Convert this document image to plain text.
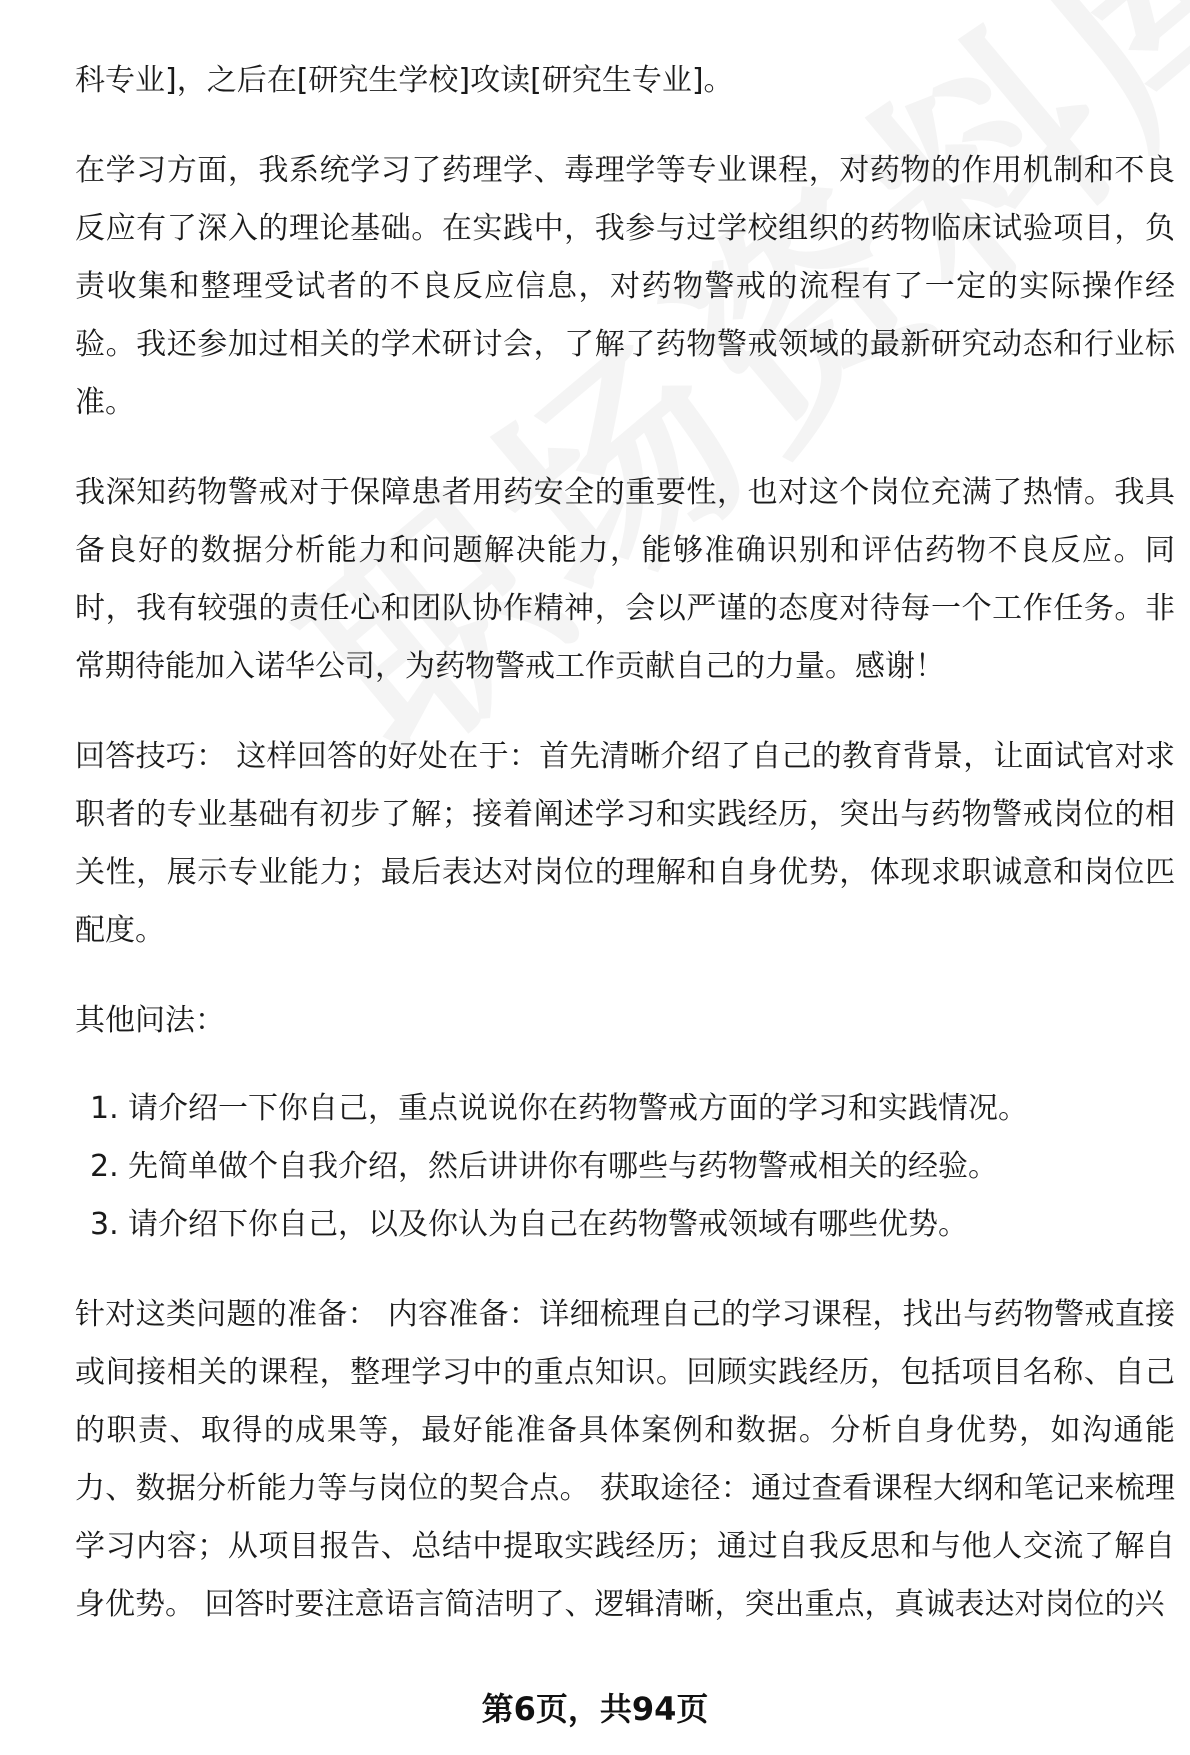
科专业]，之后在[研究生学校]攻读[研究生专业]。

在学习方面，我系统学习了药理学、毒理学等专业课程，对药物的作用机制和不良反应有了深入的理论基础。在实践中，我参与过学校组织的药物临床试验项目，负责收集和整理受试者的不良反应信息，对药物警戒的流程有了一定的实际操作经验。我还参加过相关的学术研讨会，了解了药物警戒领域的最新研究动态和行业标准。

我深知药物警戒对于保障患者用药安全的重要性，也对这个岗位充满了热情。我具备良好的数据分析能力和问题解决能力，能够准确识别和评估药物不良反应。同时，我有较强的责任心和团队协作精神，会以严谨的态度对待每一个工作任务。非常期待能加入诺华公司，为药物警戒工作贡献自己的力量。感谢！

回答技巧： 这样回答的好处在于：首先清晰介绍了自己的教育背景，让面试官对求职者的专业基础有初步了解；接着阐述学习和实践经历，突出与药物警戒岗位的相关性，展示专业能力；最后表达对岗位的理解和自身优势，体现求职诚意和岗位匹配度。

其他问法：

1. 请介绍一下你自己，重点说说你在药物警戒方面的学习和实践情况。
2. 先简单做个自我介绍，然后讲讲你有哪些与药物警戒相关的经验。
3. 请介绍下你自己，以及你认为自己在药物警戒领域有哪些优势。

针对这类问题的准备： 内容准备：详细梳理自己的学习课程，找出与药物警戒直接或间接相关的课程，整理学习中的重点知识。回顾实践经历，包括项目名称、自己的职责、取得的成果等，最好能准备具体案例和数据。分析自身优势，如沟通能力、数据分析能力等与岗位的契合点。 获取途径：通过查看课程大纲和笔记来梳理学习内容；从项目报告、总结中提取实践经历；通过自我反思和与他人交流了解自身优势。 回答时要注意语言简洁明了、逻辑清晰，突出重点，真诚表达对岗位的兴

第6页，共94页
